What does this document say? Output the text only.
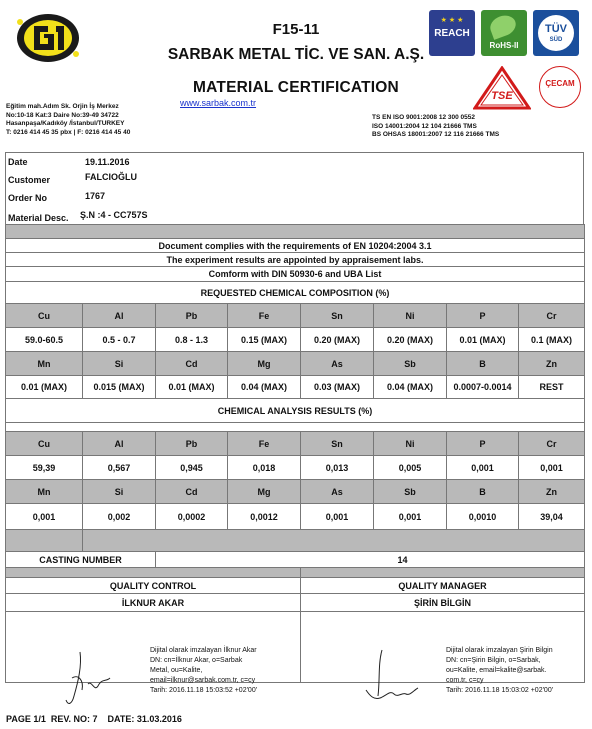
F15-11
SARBAK METAL TİC. VE SAN. A.Ş.
MATERIAL CERTIFICATION
www.sarbak.com.tr
★ ★ ★
REACH
RoHS-II
TÜV
SÜD
TSE
ÇECAM
Eğitim mah.Adım Sk. Orjin İş Merkez
No:10-18 Kat:3 Daire No:39-49 34722
Hasanpaşa/Kadıköy /İstanbul/TURKEY
T: 0216 414 45 35 pbx | F: 0216 414 45 40
TS EN ISO 9001:2008 12 300 0552
ISO 14001:2004 12 104 21666 TMS
BS OHSAS 18001:2007 12 116 21666 TMS
Date	19.11.2016
Customer	FALCIOĞLU
Order No	1767
Material Desc. Ş.N :4 - CC757S

Document complies with the requirements of EN 10204:2004 3.1							
The experiment results are appointed by appraisement labs.							
Comform with DIN 50930-6 and UBA List							
REQUESTED CHEMICAL COMPOSITION (%)							
Cu	Al	Pb	Fe	Sn	Ni	P	Cr
59.0-60.5	0.5 - 0.7	0.8 - 1.3	0.15 (MAX)	0.20 (MAX)	0.20 (MAX)	0.01 (MAX)	0.1 (MAX)
Mn	Si	Cd	Mg	As	Sb	B	Zn
0.01 (MAX)	0.015 (MAX)	0.01 (MAX)	0.04 (MAX)	0.03 (MAX)	0.04 (MAX)	0.0007-0.0014	REST
CHEMICAL ANALYSIS RESULTS (%)							

Cu	Al	Pb	Fe	Sn	Ni	P	Cr
59,39	0,567	0,945	0,018	0,013	0,005	0,001	0,001
Mn	Si	Cd	Mg	As	Sb	B	Zn
0,001	0,002	0,0002	0,0012	0,001	0,001	0,0010	39,04

CASTING NUMBER		14					

QUALITY CONTROL				QUALITY MANAGER			
İLKNUR AKAR				ŞİRİN BİLGİN			

Dijital olarak imzalayan İlknur Akar
DN: cn=İlknur Akar, o=Sarbak
Metal, ou=Kalite,
email=ilknur@sarbak.com.tr, c=cy
Tarih: 2016.11.18 15:03:52 +02'00'
Dijital olarak imzalayan Şirin Bilgin
DN: cn=Şirin Bilgin, o=Sarbak,
ou=Kalite, email=kalite@sarbak.
com.tr, c=cy
Tarih: 2016.11.18 15:03:02 +02'00'
PAGE 1/1  REV. NO: 7    DATE: 31.03.2016
